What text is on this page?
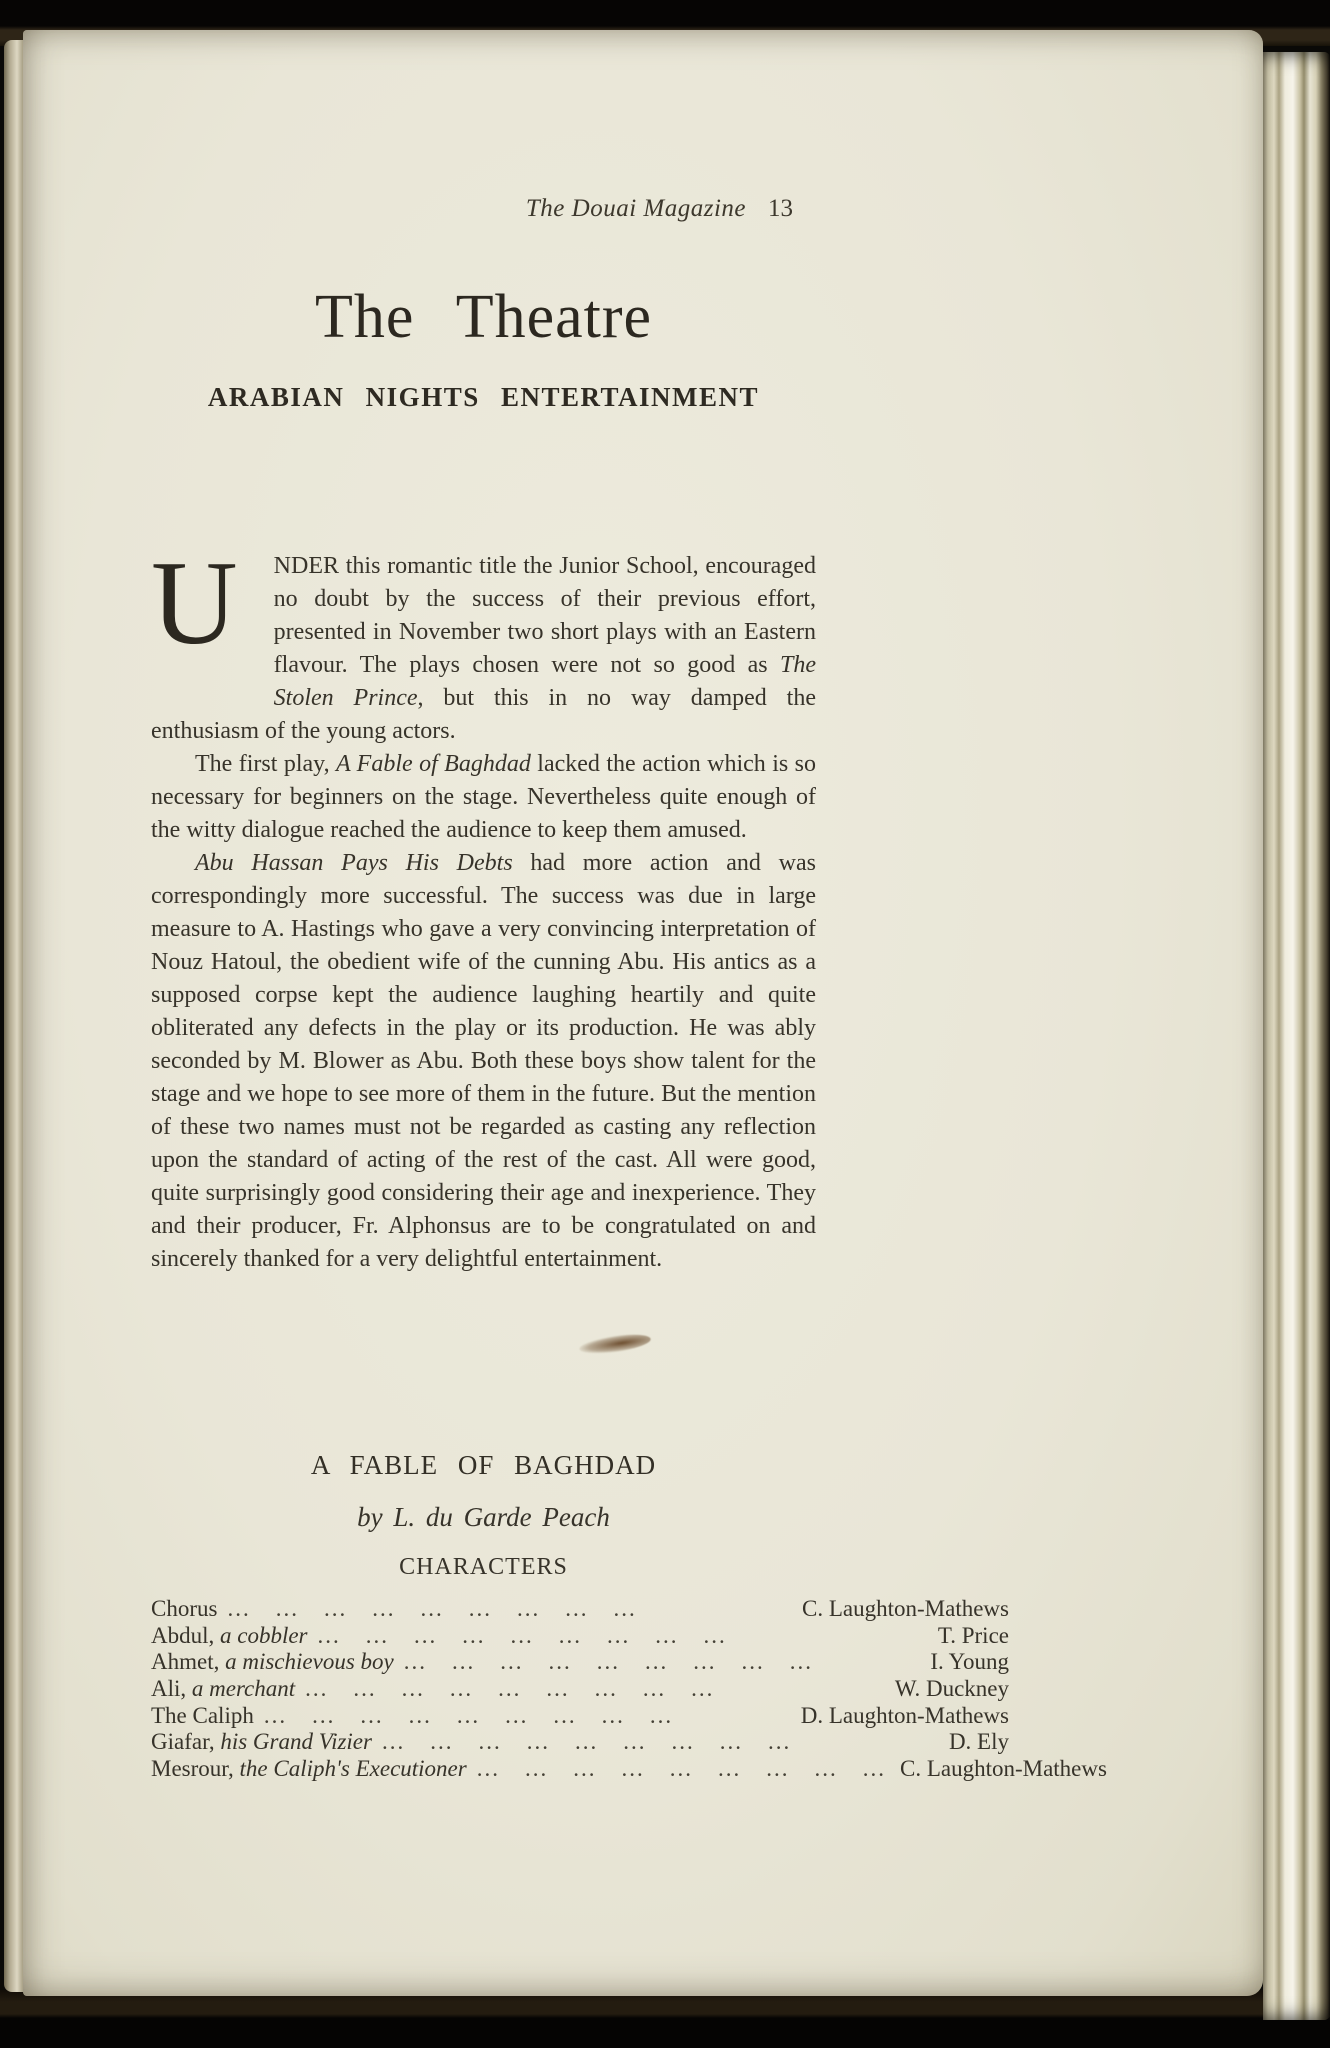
The Douai Magazine 13
The Theatre
ARABIAN NIGHTS ENTERTAINMENT

U NDER this romantic title the Junior School, encouraged no doubt by the success of their previous effort, presented in November two short plays with an Eastern flavour. The plays chosen were not so good as The Stolen Prince, but this in no way damped the enthusiasm of the young actors.

The first play, A Fable of Baghdad lacked the action which is so necessary for beginners on the stage. Nevertheless quite enough of the witty dialogue reached the audience to keep them amused.

Abu Hassan Pays His Debts had more action and was correspondingly more successful. The success was due in large measure to A. Hastings who gave a very convincing interpretation of Nouz Hatoul, the obedient wife of the cunning Abu. His antics as a supposed corpse kept the audience laughing heartily and quite obliterated any defects in the play or its production. He was ably seconded by M. Blower as Abu. Both these boys show talent for the stage and we hope to see more of them in the future. But the mention of these two names must not be regarded as casting any reflection upon the standard of acting of the rest of the cast. All were good, quite surprisingly good considering their age and inexperience. They and their producer, Fr. Alphonsus are to be congratulated on and sincerely thanked for a very delightful entertainment.

A FABLE OF BAGHDAD
by L. du Garde Peach
CHARACTERS
Chorus ... ... ... ... ... ... ... ... ...	C. Laughton-Mathews
Abdul, a cobbler ... ... ... ... ... ... ... ... ...	T. Price
Ahmet, a mischievous boy ... ... ... ... ... ... ... ... ...	I. Young
Ali, a merchant ... ... ... ... ... ... ... ... ...	W. Duckney
The Caliph ... ... ... ... ... ... ... ... ...	D. Laughton-Mathews
Giafar, his Grand Vizier ... ... ... ... ... ... ... ... ...	D. Ely
Mesrour, the Caliph's Executioner ... ... ... ... ... ... ... ... ... C. Laughton-Mathews
